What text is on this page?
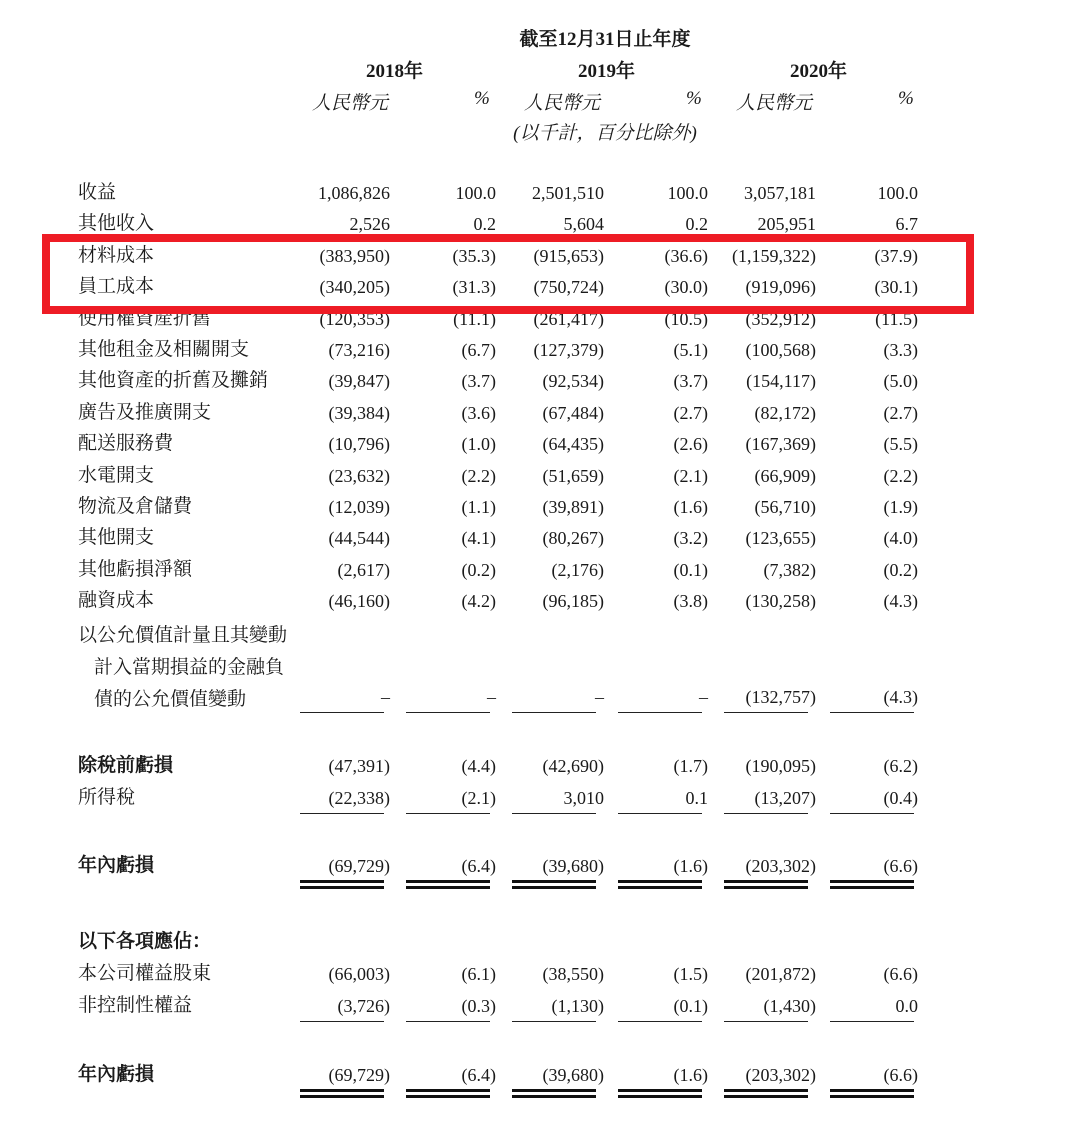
截至12月31日止年度
2018年	2019年	2020年
人民幣元	% 人民幣元	% 人民幣元	%
(以千計，百分比除外)
收益	1,086,826	100.0	2,501,510	100.0	3,057,181	100.0
其他收入	2,526	0.2	5,604	0.2	205,951	6.7
材料成本	(383,950)	(35.3)	(915,653)	(36.6)	(1,159,322)	(37.9)
員工成本	(340,205)	(31.3)	(750,724)	(30.0)	(919,096)	(30.1)
使用權資產折舊	(120,353)	(11.1)	(261,417)	(10.5)	(352,912)	(11.5)
其他租金及相關開支	(73,216)	(6.7)	(127,379)	(5.1)	(100,568)	(3.3)
其他資產的折舊及攤銷	(39,847)	(3.7)	(92,534)	(3.7)	(154,117)	(5.0)
廣告及推廣開支	(39,384)	(3.6)	(67,484)	(2.7)	(82,172)	(2.7)
配送服務費	(10,796)	(1.0)	(64,435)	(2.6)	(167,369)	(5.5)
水電開支	(23,632)	(2.2)	(51,659)	(2.1)	(66,909)	(2.2)
物流及倉儲費	(12,039)	(1.1)	(39,891)	(1.6)	(56,710)	(1.9)
其他開支	(44,544)	(4.1)	(80,267)	(3.2)	(123,655)	(4.0)
其他虧損淨額	(2,617)	(0.2)	(2,176)	(0.1)	(7,382)	(0.2)
融資成本	(46,160)	(4.2)	(96,185)	(3.8)	(130,258)	(4.3)
以公允價值計量且其變動
計入當期損益的金融負
債的公允價值變動	–	–	–	–	(132,757)	(4.3)
除稅前虧損	(47,391)	(4.4)	(42,690)	(1.7)	(190,095)	(6.2)
所得稅	(22,338)	(2.1)	3,010	0.1	(13,207)	(0.4)
年內虧損	(69,729)	(6.4)	(39,680)	(1.6)	(203,302)	(6.6)
以下各項應佔：
本公司權益股東	(66,003)	(6.1)	(38,550)	(1.5)	(201,872)	(6.6)
非控制性權益	(3,726)	(0.3)	(1,130)	(0.1)	(1,430)	0.0
年內虧損	(69,729)	(6.4)	(39,680)	(1.6)	(203,302)	(6.6)
